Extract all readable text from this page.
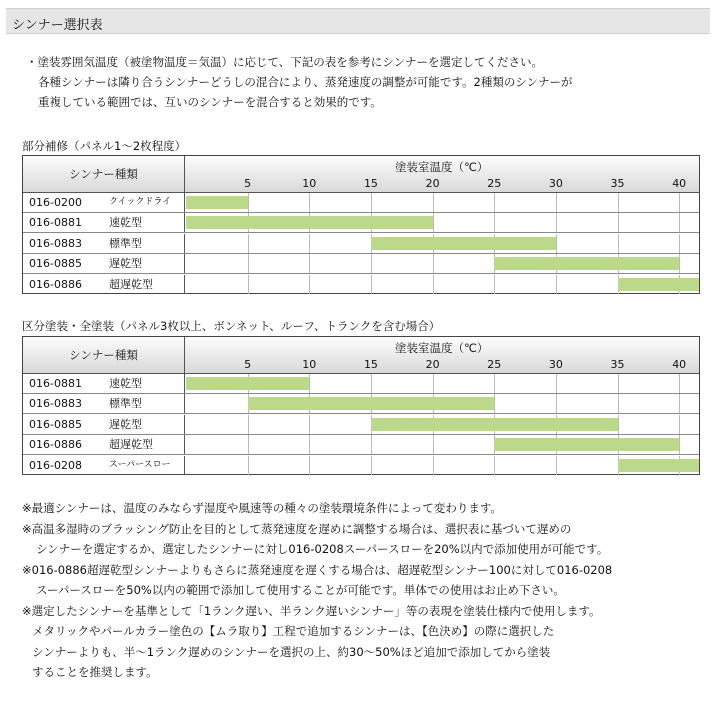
シンナー選択表
・塗装雰囲気温度（被塗物温度＝気温）に応じて、下記の表を参考にシンナーを選定してください。
各種シンナーは隣り合うシンナーどうしの混合により、蒸発速度の調整が可能です。2種類のシンナーが
重複している範囲では、互いのシンナーを混合すると効果的です。
部分補修（パネル1〜2枚程度）
シンナー種類	塗装室温度（℃）
5	10	15	20	25	30	35	40
016-0200	クイックドライ
016-0881 速乾型
016-0883 標準型
016-0885 遅乾型
016-0886 超遅乾型
区分塗装・全塗装（パネル3枚以上、ボンネット、ルーフ、トランクを含む場合）
シンナー種類	塗装室温度（℃）
5	10	15	20	25	30	35	40
016-0881 速乾型
016-0883 標準型
016-0885 遅乾型
016-0886 超遅乾型
016-0208	スーパースロー
※最適シンナーは、温度のみならず湿度や風速等の種々の塗装環境条件によって変わります。
※高温多湿時のブラッシング防止を目的として蒸発速度を遅めに調整する場合は、選択表に基づいて遅めの
シンナーを選定するか、選定したシンナーに対し016-0208スーパースローを20%以内で添加使用が可能です。
※016-0886超遅乾型シンナーよりもさらに蒸発速度を遅くする場合は、超遅乾型シンナー100に対して016-0208
スーパースローを50%以内の範囲で添加して使用することが可能です。単体での使用はお止め下さい。
※選定したシンナーを基準として「1ランク遅い、半ランク遅いシンナー」等の表現を塗装仕様内で使用します。
メタリックやパールカラー塗色の【ムラ取り】工程で追加するシンナーは、【色決め】の際に選択した
シンナーよりも、半〜1ランク遅めのシンナーを選択の上、約30〜50%ほど追加で添加してから塗装
することを推奨します。
